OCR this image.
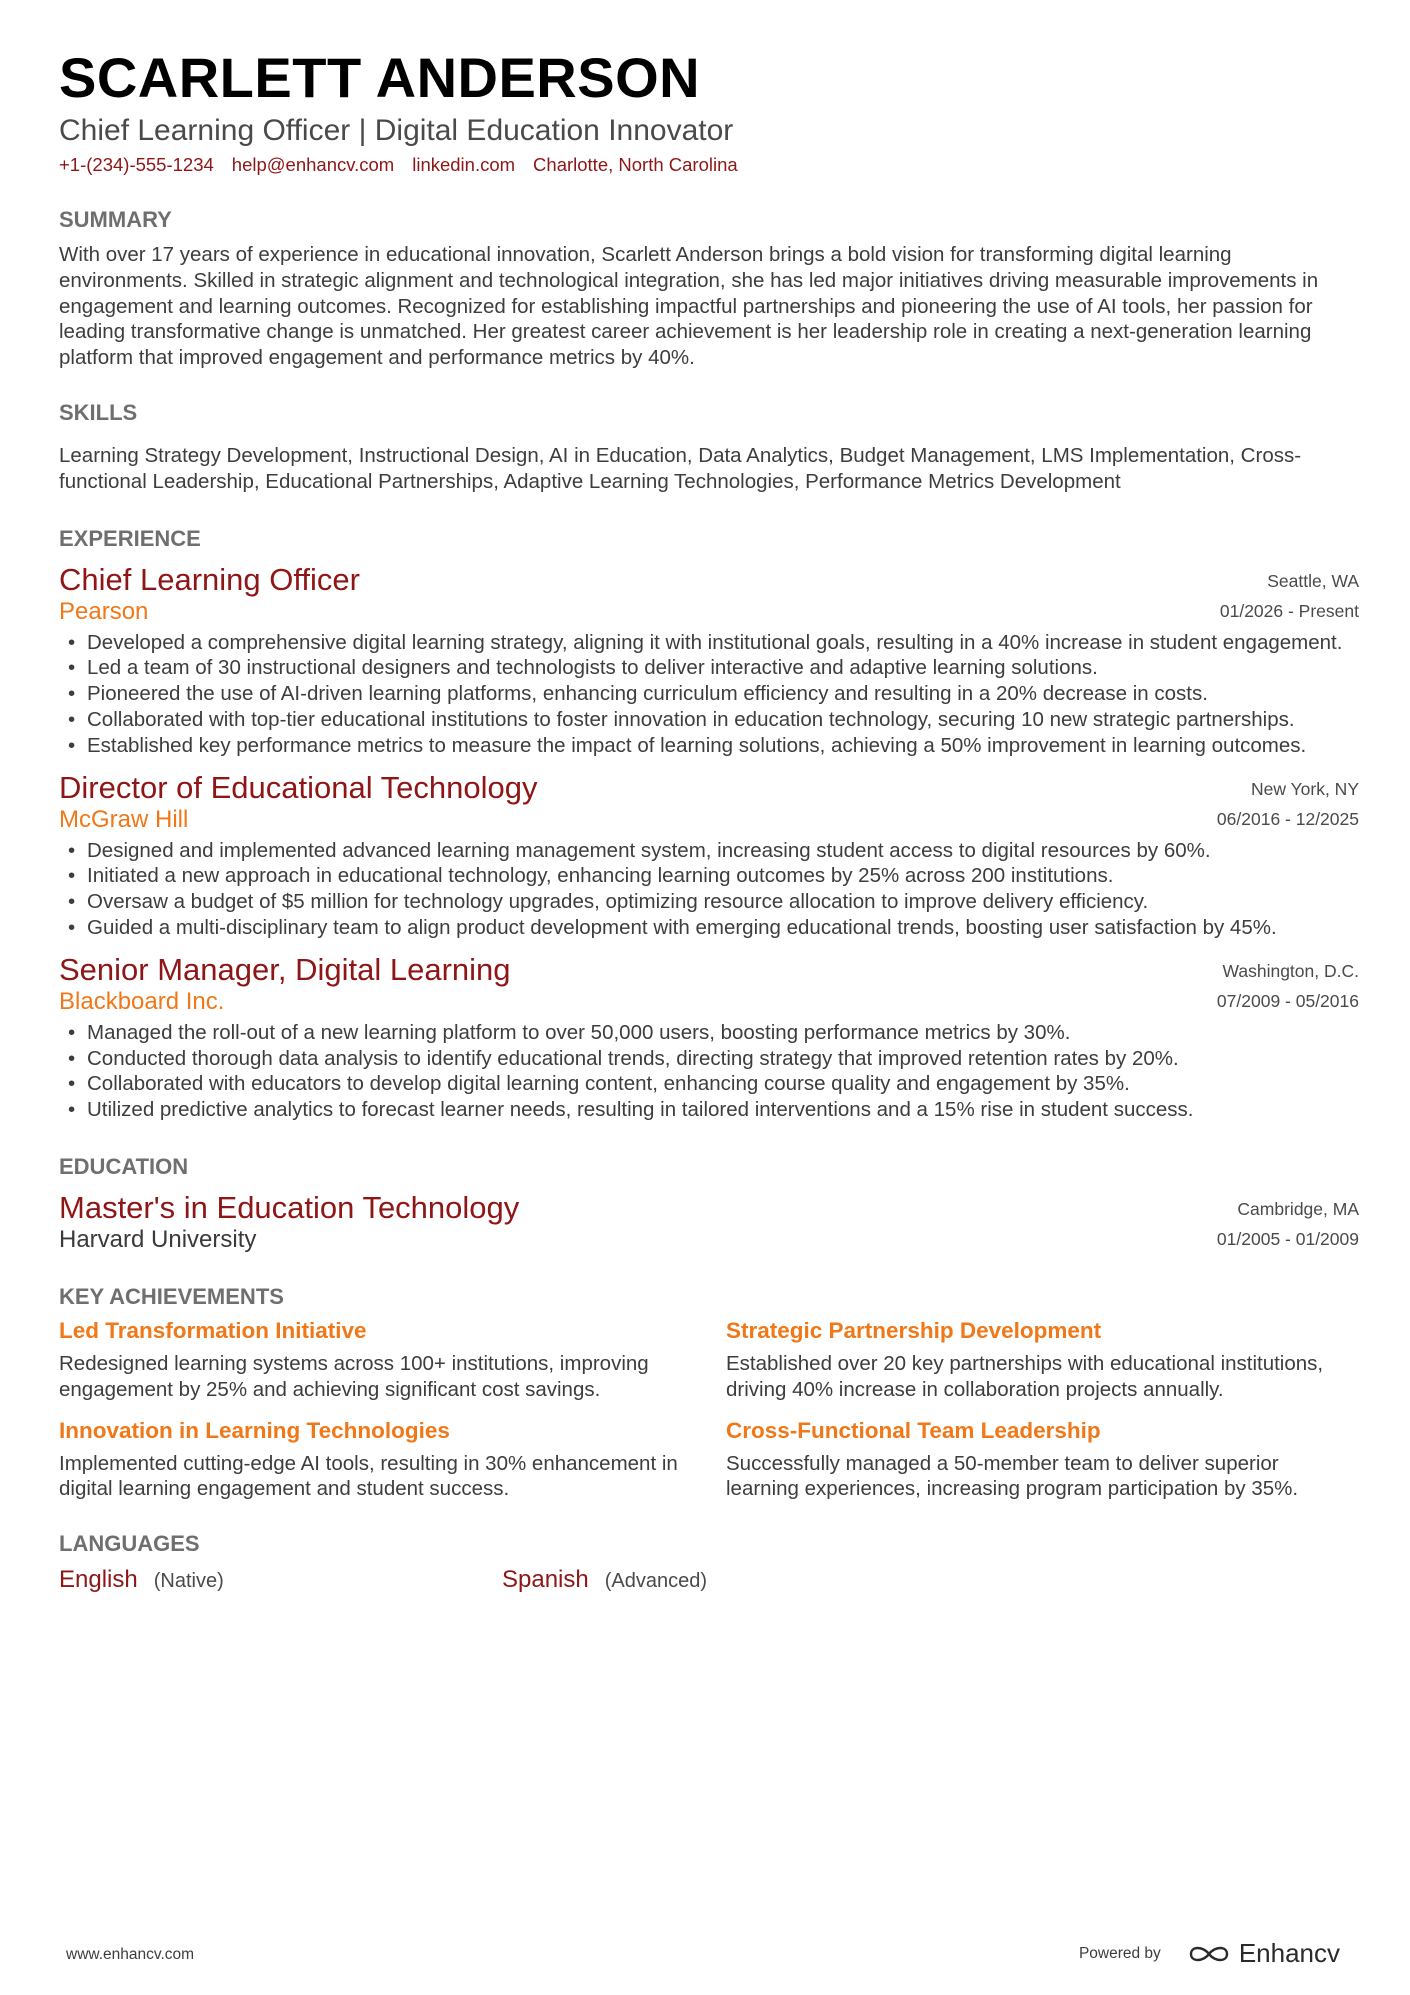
SCARLETT ANDERSON
Chief Learning Officer | Digital Education Innovator
+1-(234)-555-1234 help@enhancv.com linkedin.com Charlotte, North Carolina
SUMMARY
With over 17 years of experience in educational innovation, Scarlett Anderson brings a bold vision for transforming digital learning environments. Skilled in strategic alignment and technological integration, she has led major initiatives driving measurable improvements in engagement and learning outcomes. Recognized for establishing impactful partnerships and pioneering the use of AI tools, her passion for leading transformative change is unmatched. Her greatest career achievement is her leadership role in creating a next-generation learning platform that improved engagement and performance metrics by 40%.
SKILLS
Learning Strategy Development, Instructional Design, AI in Education, Data Analytics, Budget Management, LMS Implementation, Cross-functional Leadership, Educational Partnerships, Adaptive Learning Technologies, Performance Metrics Development
EXPERIENCE
Chief Learning Officer	Seattle, WA
Pearson	01/2026 - Present
• Developed a comprehensive digital learning strategy, aligning it with institutional goals, resulting in a 40% increase in student engagement.
• Led a team of 30 instructional designers and technologists to deliver interactive and adaptive learning solutions.
• Pioneered the use of AI-driven learning platforms, enhancing curriculum efficiency and resulting in a 20% decrease in costs.
• Collaborated with top-tier educational institutions to foster innovation in education technology, securing 10 new strategic partnerships.
• Established key performance metrics to measure the impact of learning solutions, achieving a 50% improvement in learning outcomes.
Director of Educational Technology	New York, NY
McGraw Hill	06/2016 - 12/2025
• Designed and implemented advanced learning management system, increasing student access to digital resources by 60%.
• Initiated a new approach in educational technology, enhancing learning outcomes by 25% across 200 institutions.
• Oversaw a budget of $5 million for technology upgrades, optimizing resource allocation to improve delivery efficiency.
• Guided a multi-disciplinary team to align product development with emerging educational trends, boosting user satisfaction by 45%.
Senior Manager, Digital Learning	Washington, D.C.
Blackboard Inc.	07/2009 - 05/2016
• Managed the roll-out of a new learning platform to over 50,000 users, boosting performance metrics by 30%.
• Conducted thorough data analysis to identify educational trends, directing strategy that improved retention rates by 20%.
• Collaborated with educators to develop digital learning content, enhancing course quality and engagement by 35%.
• Utilized predictive analytics to forecast learner needs, resulting in tailored interventions and a 15% rise in student success.
EDUCATION
Master's in Education Technology	Cambridge, MA
Harvard University	01/2005 - 01/2009
KEY ACHIEVEMENTS
Led Transformation Initiative
Redesigned learning systems across 100+ institutions, improving engagement by 25% and achieving significant cost savings.
Strategic Partnership Development
Established over 20 key partnerships with educational institutions, driving 40% increase in collaboration projects annually.
Innovation in Learning Technologies
Implemented cutting-edge AI tools, resulting in 30% enhancement in digital learning engagement and student success.
Cross-Functional Team Leadership
Successfully managed a 50-member team to deliver superior learning experiences, increasing program participation by 35%.
LANGUAGES
English (Native)	Spanish (Advanced)
www.enhancv.com	Powered by	Enhancv
